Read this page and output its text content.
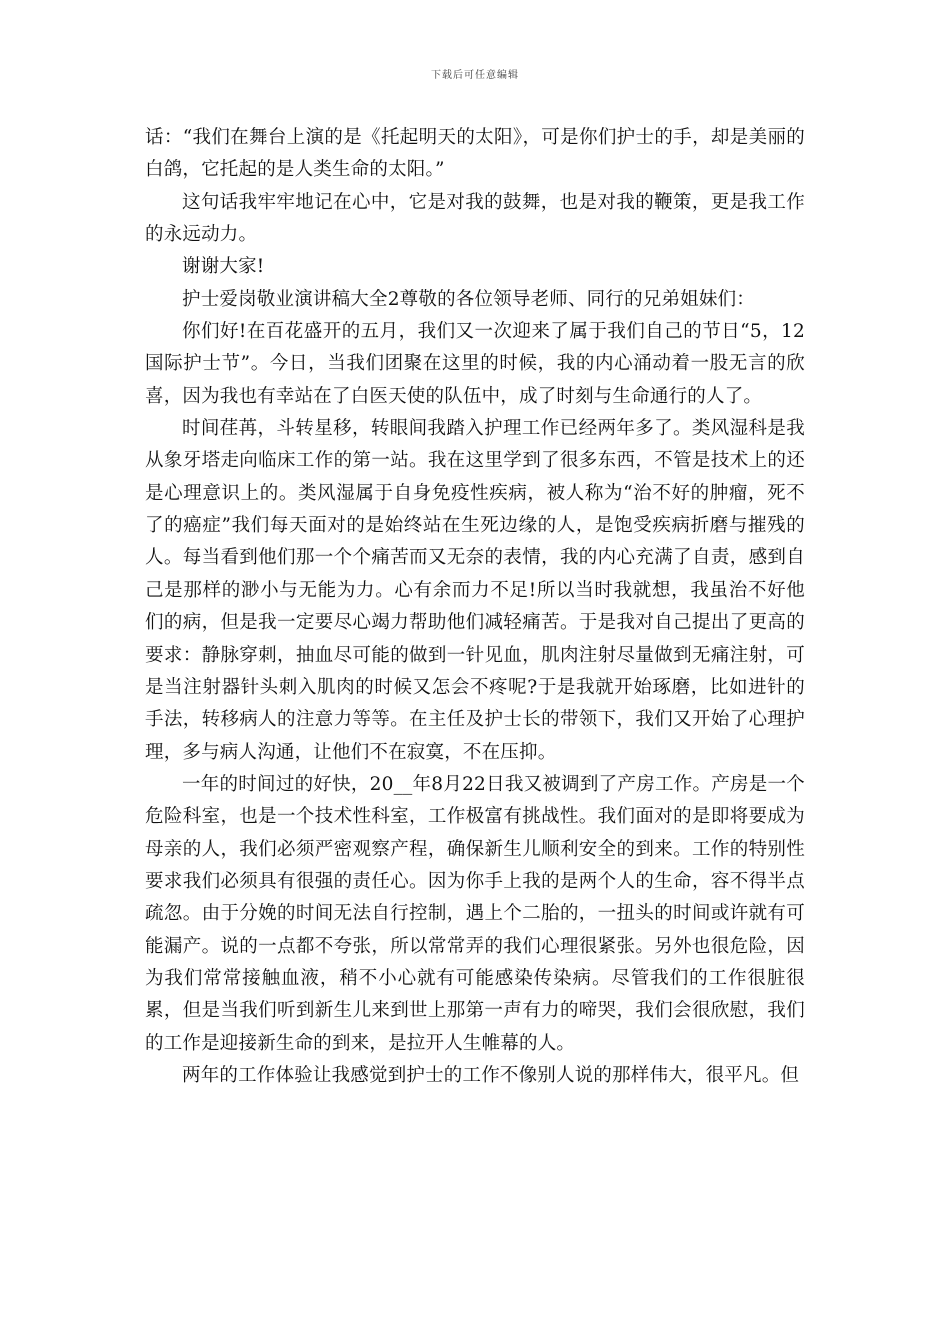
下载后可任意编辑

话：“我们在舞台上演的是《托起明天的太阳》，可是你们护士的手，却是美丽的白鸽，它托起的是人类生命的太阳。”

这句话我牢牢地记在心中，它是对我的鼓舞，也是对我的鞭策，更是我工作的永远动力。

谢谢大家!

护士爱岗敬业演讲稿大全2尊敬的各位领导老师、同行的兄弟姐妹们：

你们好!在百花盛开的五月，我们又一次迎来了属于我们自己的节日“5，12国际护士节”。今日，当我们团聚在这里的时候，我的内心涌动着一股无言的欣喜，因为我也有幸站在了白医天使的队伍中，成了时刻与生命通行的人了。

时间荏苒，斗转星移，转眼间我踏入护理工作已经两年多了。类风湿科是我从象牙塔走向临床工作的第一站。我在这里学到了很多东西，不管是技术上的还是心理意识上的。类风湿属于自身免疫性疾病，被人称为“治不好的肿瘤，死不了的癌症”我们每天面对的是始终站在生死边缘的人，是饱受疾病折磨与摧残的人。每当看到他们那一个个痛苦而又无奈的表情，我的内心充满了自责，感到自己是那样的渺小与无能为力。心有余而力不足!所以当时我就想，我虽治不好他们的病，但是我一定要尽心竭力帮助他们减轻痛苦。于是我对自己提出了更高的要求：静脉穿刺，抽血尽可能的做到一针见血，肌肉注射尽量做到无痛注射，可是当注射器针头刺入肌肉的时候又怎会不疼呢?于是我就开始琢磨，比如进针的手法，转移病人的注意力等等。在主任及护士长的带领下，我们又开始了心理护理，多与病人沟通，让他们不在寂寞，不在压抑。

一年的时间过的好快，20__年8月22日我又被调到了产房工作。产房是一个危险科室，也是一个技术性科室，工作极富有挑战性。我们面对的是即将要成为母亲的人，我们必须严密观察产程，确保新生儿顺利安全的到来。工作的特别性要求我们必须具有很强的责任心。因为你手上我的是两个人的生命，容不得半点疏忽。由于分娩的时间无法自行控制，遇上个二胎的，一扭头的时间或许就有可能漏产。说的一点都不夸张，所以常常弄的我们心理很紧张。另外也很危险，因为我们常常接触血液，稍不小心就有可能感染传染病。尽管我们的工作很脏很累，但是当我们听到新生儿来到世上那第一声有力的啼哭，我们会很欣慰，我们的工作是迎接新生命的到来，是拉开人生帷幕的人。

两年的工作体验让我感觉到护士的工作不像别人说的那样伟大，很平凡。但
